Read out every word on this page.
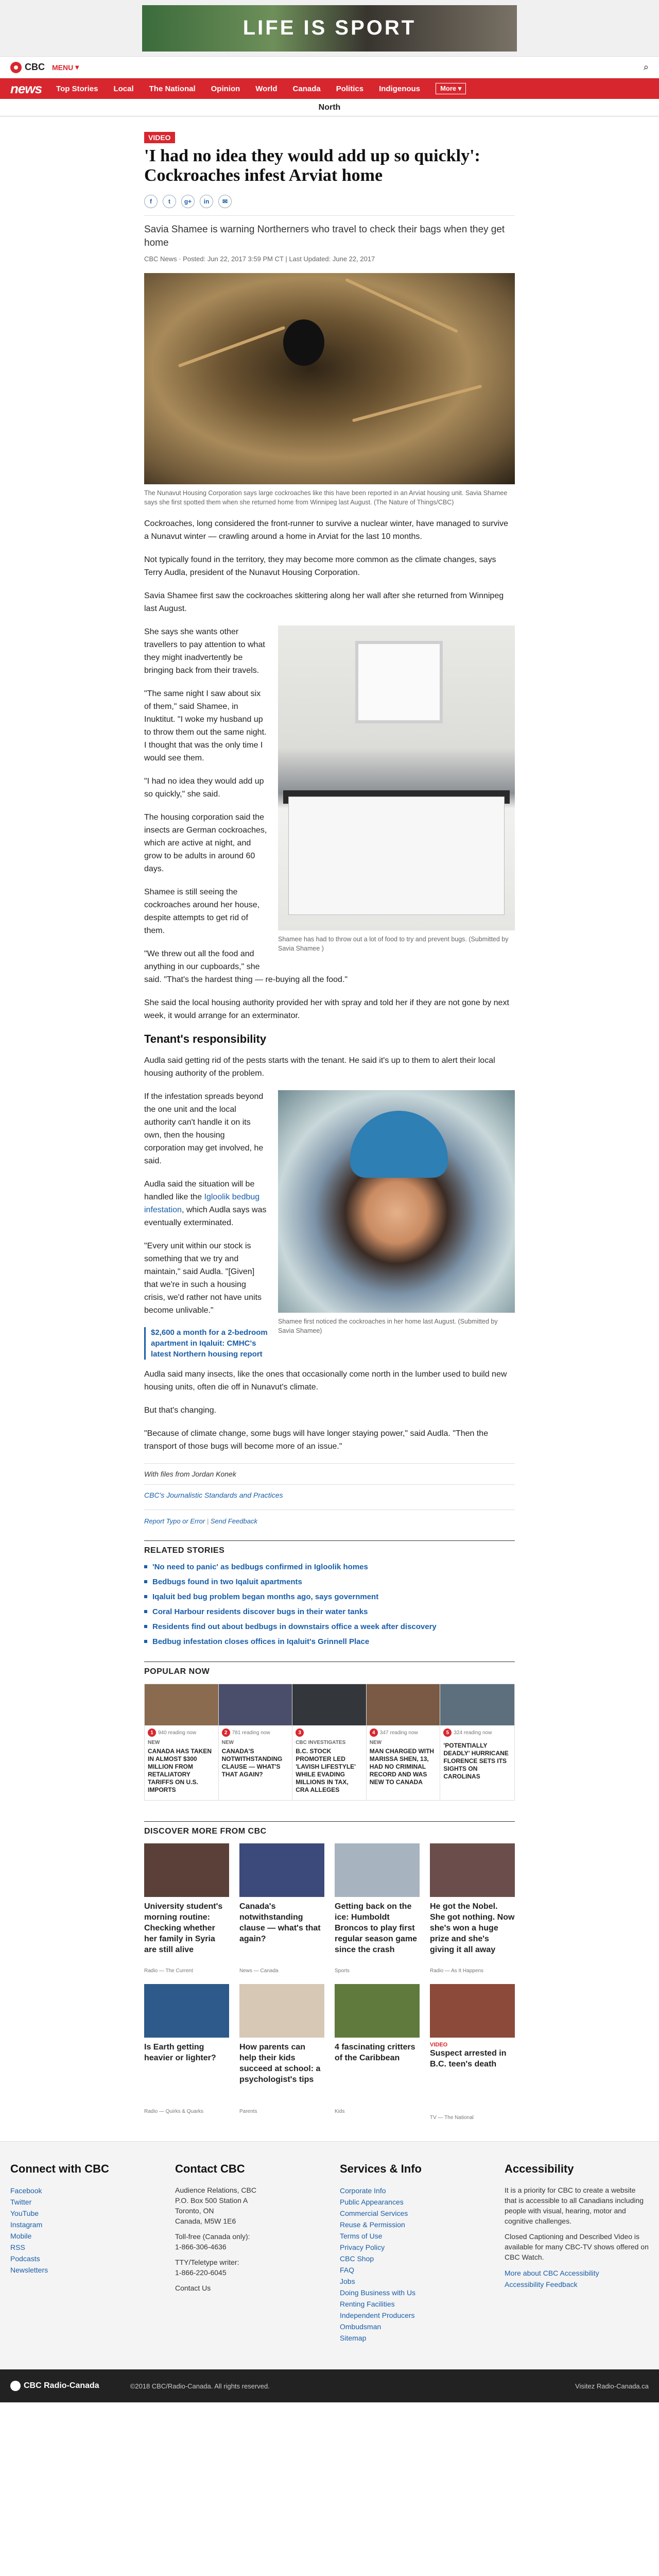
LIFE IS SPORT
CBC MENU ▾	⌕
news Top Stories Local The National Opinion World Canada Politics Indigenous	More ▾
North
VIDEO
'I had no idea they would add up so quickly': Cockroaches infest Arviat home
f	t	g+	in	✉
Savia Shamee is warning Northerners who travel to check their bags when they get home
CBC News · Posted: Jun 22, 2017 3:59 PM CT | Last Updated: June 22, 2017
The Nunavut Housing Corporation says large cockroaches like this have been reported in an Arviat housing unit. Savia Shamee says she first spotted them when she returned home from Winnipeg last August. (The Nature of Things/CBC)

Cockroaches, long considered the front-runner to survive a nuclear winter, have managed to survive a Nunavut winter — crawling around a home in Arviat for the last 10 months.

Not typically found in the territory, they may become more common as the climate changes, says Terry Audla, president of the Nunavut Housing Corporation.

Savia Shamee first saw the cockroaches skittering along her wall after she returned from Winnipeg last August.

Shamee has had to throw out a lot of food to try and prevent bugs. (Submitted by Savia Shamee )

She says she wants other travellers to pay attention to what they might inadvertently be bringing back from their travels.

"The same night I saw about six of them," said Shamee, in Inuktitut. "I woke my husband up to throw them out the same night. I thought that was the only time I would see them.

"I had no idea they would add up so quickly," she said.

The housing corporation said the insects are German cockroaches, which are active at night, and grow to be adults in around 60 days.

Shamee is still seeing the cockroaches around her house, despite attempts to get rid of them.

"We threw out all the food and anything in our cupboards," she said. "That's the hardest thing — re-buying all the food."

She said the local housing authority provided her with spray and told her if they are not gone by next week, it would arrange for an exterminator.

Tenant's responsibility

Audla said getting rid of the pests starts with the tenant. He said it's up to them to alert their local housing authority of the problem.

Shamee first noticed the cockroaches in her home last August. (Submitted by Savia Shamee)

If the infestation spreads beyond the one unit and the local authority can't handle it on its own, then the housing corporation may get involved, he said.

Audla said the situation will be handled like the Igloolik bedbug infestation, which Audla says was eventually exterminated.

"Every unit within our stock is something that we try and maintain," said Audla. "[Given] that we're in such a housing crisis, we'd rather not have units become unlivable."

$2,600 a month for a 2-bedroom apartment in Iqaluit: CMHC's latest Northern housing report

Audla said many insects, like the ones that occasionally come north in the lumber used to build new housing units, often die off in Nunavut's climate.

But that's changing.

"Because of climate change, some bugs will have longer staying power," said Audla. "Then the transport of those bugs will become more of an issue."

With files from Jordan Konek
CBC's Journalistic Standards and Practices
Report Typo or Error | Send Feedback
RELATED STORIES
'No need to panic' as bedbugs confirmed in Igloolik homes
Bedbugs found in two Iqaluit apartments
Iqaluit bed bug problem began months ago, says government
Coral Harbour residents discover bugs in their water tanks
Residents find out about bedbugs in downstairs office a week after discovery
Bedbug infestation closes offices in Iqaluit's Grinnell Place
POPULAR NOW
1 940 reading now
NEW
CANADA HAS TAKEN IN ALMOST $300 MILLION FROM RETALIATORY TARIFFS ON U.S. IMPORTS
2 781 reading now
NEW
CANADA'S NOTWITHSTANDING CLAUSE — WHAT'S THAT AGAIN?
3
CBC INVESTIGATES
B.C. STOCK PROMOTER LED 'LAVISH LIFESTYLE' WHILE EVADING MILLIONS IN TAX, CRA ALLEGES
4 347 reading now
NEW
MAN CHARGED WITH MARISSA SHEN, 13, HAD NO CRIMINAL RECORD AND WAS NEW TO CANADA
5 324 reading now
'POTENTIALLY DEADLY' HURRICANE FLORENCE SETS ITS SIGHTS ON CAROLINAS
DISCOVER MORE FROM CBC
University student's morning routine: Checking whether her family in Syria are still alive
Radio — The Current
Canada's notwithstanding clause — what's that again?
News — Canada
Getting back on the ice: Humboldt Broncos to play first regular season game since the crash
Sports
He got the Nobel. She got nothing. Now she's won a huge prize and she's giving it all away
Radio — As It Happens
Is Earth getting heavier or lighter?
Radio — Quirks & Quarks
How parents can help their kids succeed at school: a psychologist's tips
Parents
4 fascinating critters of the Caribbean
Kids
VIDEO
Suspect arrested in B.C. teen's death
TV — The National
Connect with CBC
Facebook
Twitter
YouTube
Instagram
Mobile
RSS
Podcasts
Newsletters
Contact CBC
Audience Relations, CBC
P.O. Box 500 Station A
Toronto, ON
Canada, M5W 1E6
Toll-free (Canada only):
1-866-306-4636
TTY/Teletype writer:
1-866-220-6045
Contact Us
Services & Info
Corporate Info
Public Appearances
Commercial Services
Reuse & Permission
Terms of Use
Privacy Policy
CBC Shop
FAQ
Jobs
Doing Business with Us
Renting Facilities
Independent Producers
Ombudsman
Sitemap
Accessibility
It is a priority for CBC to create a website that is accessible to all Canadians including people with visual, hearing, motor and cognitive challenges.
Closed Captioning and Described Video is available for many CBC-TV shows offered on CBC Watch.
More about CBC Accessibility
Accessibility Feedback
CBC Radio-Canada	©2018 CBC/Radio-Canada. All rights reserved.	Visitez Radio-Canada.ca
